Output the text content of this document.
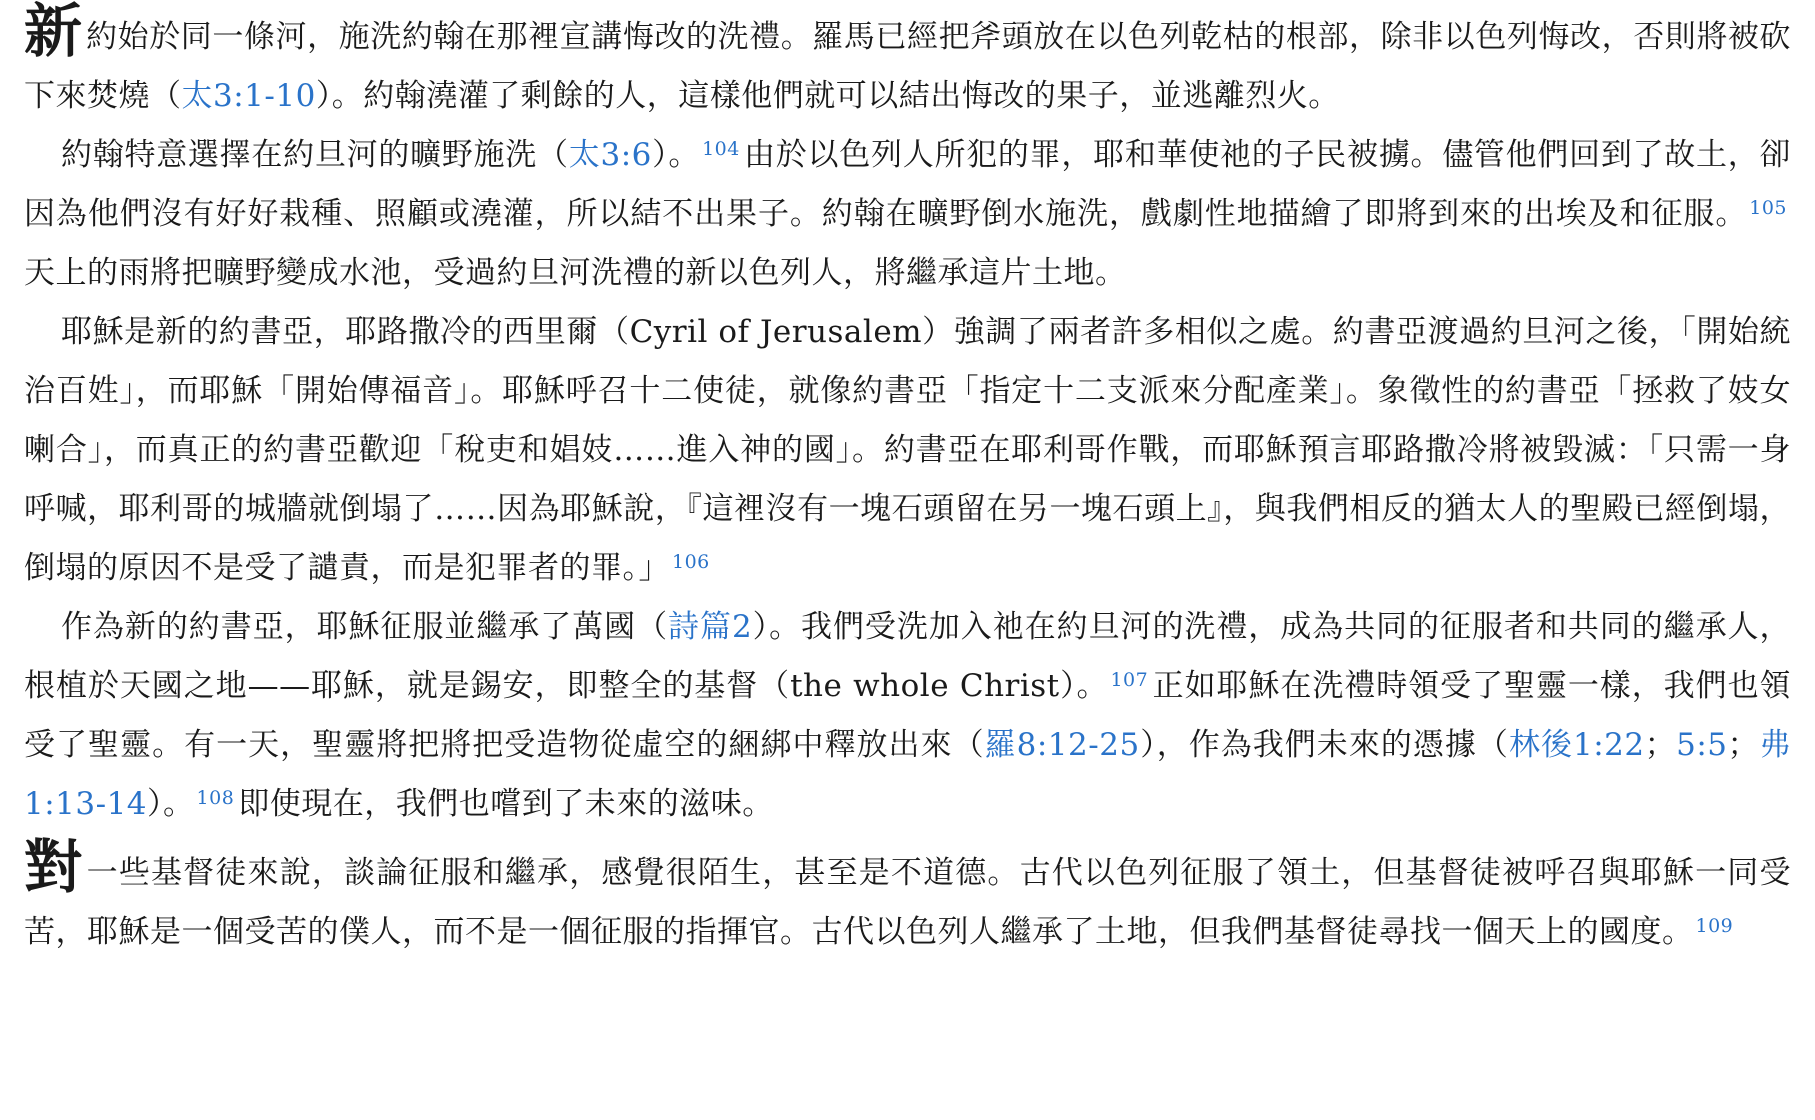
新約始於同一條河，施洗約翰在那裡宣講悔改的洗禮。羅馬已經把斧頭放在以色列乾枯的根部，除非以色列悔改，否則將被砍下來焚燒（太3:1-10）。約翰澆灌了剩餘的人，這樣他們就可以結出悔改的果子，並逃離烈火。

約翰特意選擇在約旦河的曠野施洗（太3:6）。 $^{104}$ 由於以色列人所犯的罪，耶和華使祂的子民被擄。儘管他們回到了故土，卻因為他們沒有好好栽種、照顧或澆灌，所以結不出果子。約翰在曠野倒水施洗，戲劇性地描繪了即將到來的出埃及和征服。 $^{105}$天上的雨將把曠野變成水池，受過約旦河洗禮的新以色列人，將繼承這片土地。

耶穌是新的約書亞，耶路撒冷的西里爾（Cyril of Jerusalem）強調了兩者許多相似之處。約書亞渡過約旦河之後，「開始統治百姓」，而耶穌「開始傳福音」。耶穌呼召十二使徒，就像約書亞「指定十二支派來分配產業」。象徵性的約書亞「拯救了妓女喇合」，而真正的約書亞歡迎「稅吏和娼妓……進入神的國」。約書亞在耶利哥作戰，而耶穌預言耶路撒冷將被毀滅：「只需一身呼喊，耶利哥的城牆就倒塌了……因為耶穌說，『這裡沒有一塊石頭留在另一塊石頭上』，與我們相反的猶太人的聖殿已經倒塌，倒塌的原因不是受了譴責，而是犯罪者的罪。」 $^{106}$

作為新的約書亞，耶穌征服並繼承了萬國（詩篇2）。我們受洗加入祂在約旦河的洗禮，成為共同的征服者和共同的繼承人，根植於天國之地——耶穌，就是錫安，即整全的基督（the whole Christ）。 $^{107}$ 正如耶穌在洗禮時領受了聖靈一樣，我們也領受了聖靈。有一天，聖靈將把將把受造物從虛空的綑綁中釋放出來（羅8:12-25），作為我們未來的憑據（林後1:22；5:5；弗1:13-14）。 $^{108}$ 即使現在，我們也嚐到了未來的滋味。

對一些基督徒來說，談論征服和繼承，感覺很陌生，甚至是不道德。古代以色列征服了領土，但基督徒被呼召與耶穌一同受苦，耶穌是一個受苦的僕人，而不是一個征服的指揮官。古代以色列人繼承了土地，但我們基督徒尋找一個天上的國度。 $^{109}$
